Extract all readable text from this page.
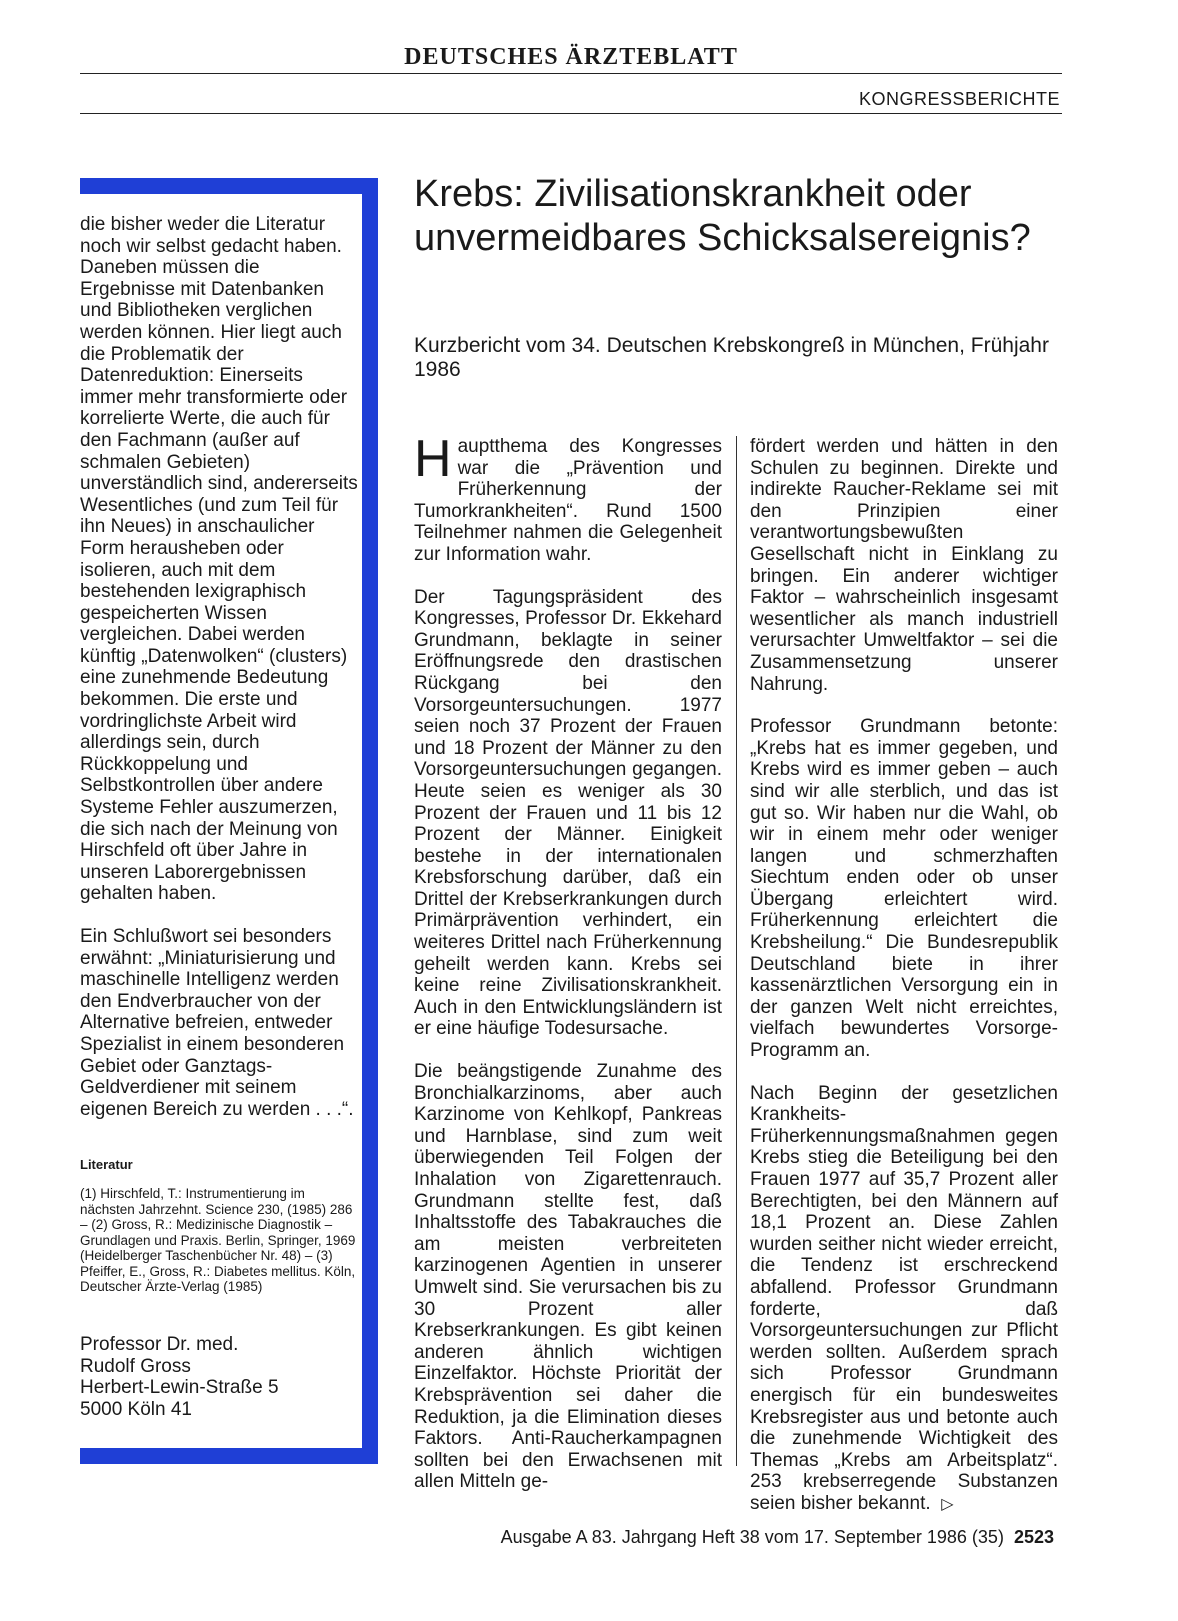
DEUTSCHES ÄRZTEBLATT
KONGRESSBERICHTE

die bisher weder die Literatur noch wir selbst gedacht haben. Daneben müssen die Ergebnisse mit Datenbanken und Bibliotheken verglichen werden können. Hier liegt auch die Problematik der Datenreduktion: Einerseits immer mehr transformierte oder korrelierte Werte, die auch für den Fachmann (außer auf schmalen Gebieten) unverständlich sind, andererseits Wesentliches (und zum Teil für ihn Neues) in anschaulicher Form herausheben oder isolieren, auch mit dem bestehenden lexigraphisch gespeicherten Wissen vergleichen. Dabei werden künftig „Datenwolken“ (clusters) eine zunehmende Bedeutung bekommen. Die erste und vordringlichste Arbeit wird allerdings sein, durch Rückkoppelung und Selbstkontrollen über andere Systeme Fehler auszumerzen, die sich nach der Meinung von Hirschfeld oft über Jahre in unseren Laborergebnissen gehalten haben.

Ein Schlußwort sei besonders erwähnt: „Miniaturisierung und maschinelle Intelligenz werden den Endverbraucher von der Alternative befreien, entweder Spezialist in einem besonderen Gebiet oder Ganztags-Geldverdiener mit seinem eigenen Bereich zu werden . . .“.

Literatur
(1) Hirschfeld, T.: Instrumentierung im nächsten Jahrzehnt. Science 230, (1985) 286 – (2) Gross, R.: Medizinische Diagnostik – Grundlagen und Praxis. Berlin, Springer, 1969 (Heidelberger Taschenbücher Nr. 48) – (3) Pfeiffer, E., Gross, R.: Diabetes mellitus. Köln, Deutscher Ärzte-Verlag (1985)
Professor Dr. med.
Rudolf Gross
Herbert-Lewin-Straße 5
5000 Köln 41
Krebs: Zivilisationskrankheit oder unvermeidbares Schicksalsereignis?

Kurzbericht vom 34. Deutschen Krebskongreß in München, Frühjahr 1986

Hauptthema des Kongresses war die „Prävention und Früherkennung der Tumorkrankheiten“. Rund 1500 Teilnehmer nahmen die Gelegenheit zur Information wahr.

Der Tagungspräsident des Kongresses, Professor Dr. Ekkehard Grundmann, beklagte in seiner Eröffnungsrede den drastischen Rückgang bei den Vorsorgeuntersuchungen. 1977 seien noch 37 Prozent der Frauen und 18 Prozent der Männer zu den Vorsorgeuntersuchungen gegangen. Heute seien es weniger als 30 Prozent der Frauen und 11 bis 12 Prozent der Männer. Einigkeit bestehe in der internationalen Krebsforschung darüber, daß ein Drittel der Krebserkrankungen durch Primärprävention verhindert, ein weiteres Drittel nach Früherkennung geheilt werden kann. Krebs sei keine reine Zivilisationskrankheit. Auch in den Entwicklungsländern ist er eine häufige Todesursache.

Die beängstigende Zunahme des Bronchialkarzinoms, aber auch Karzinome von Kehlkopf, Pankreas und Harnblase, sind zum weit überwiegenden Teil Folgen der Inhalation von Zigarettenrauch. Grundmann stellte fest, daß Inhaltsstoffe des Tabakrauches die am meisten verbreiteten karzinogenen Agentien in unserer Umwelt sind. Sie verursachen bis zu 30 Prozent aller Krebserkrankungen. Es gibt keinen anderen ähnlich wichtigen Einzelfaktor. Höchste Priorität der Krebsprävention sei daher die Reduktion, ja die Elimination dieses Faktors. Anti-Raucherkampagnen sollten bei den Erwachsenen mit allen Mitteln ge-

fördert werden und hätten in den Schulen zu beginnen. Direkte und indirekte Raucher-Reklame sei mit den Prinzipien einer verantwortungsbewußten Gesellschaft nicht in Einklang zu bringen. Ein anderer wichtiger Faktor – wahrscheinlich insgesamt wesentlicher als manch industriell verursachter Umweltfaktor – sei die Zusammensetzung unserer Nahrung.

Professor Grundmann betonte: „Krebs hat es immer gegeben, und Krebs wird es immer geben – auch sind wir alle sterblich, und das ist gut so. Wir haben nur die Wahl, ob wir in einem mehr oder weniger langen und schmerzhaften Siechtum enden oder ob unser Übergang erleichtert wird. Früherkennung erleichtert die Krebsheilung.“ Die Bundesrepublik Deutschland biete in ihrer kassenärztlichen Versorgung ein in der ganzen Welt nicht erreichtes, vielfach bewundertes Vorsorge-Programm an.

Nach Beginn der gesetzlichen Krankheits-Früherkennungsmaßnahmen gegen Krebs stieg die Beteiligung bei den Frauen 1977 auf 35,7 Prozent aller Berechtigten, bei den Männern auf 18,1 Prozent an. Diese Zahlen wurden seither nicht wieder erreicht, die Tendenz ist erschreckend abfallend. Professor Grundmann forderte, daß Vorsorgeuntersuchungen zur Pflicht werden sollten. Außerdem sprach sich Professor Grundmann energisch für ein bundesweites Krebsregister aus und betonte auch die zunehmende Wichtigkeit des Themas „Krebs am Arbeitsplatz“. 253 krebserregende Substanzen seien bisher bekannt. ▷

Ausgabe A 83. Jahrgang Heft 38 vom 17. September 1986 (35) 2523
